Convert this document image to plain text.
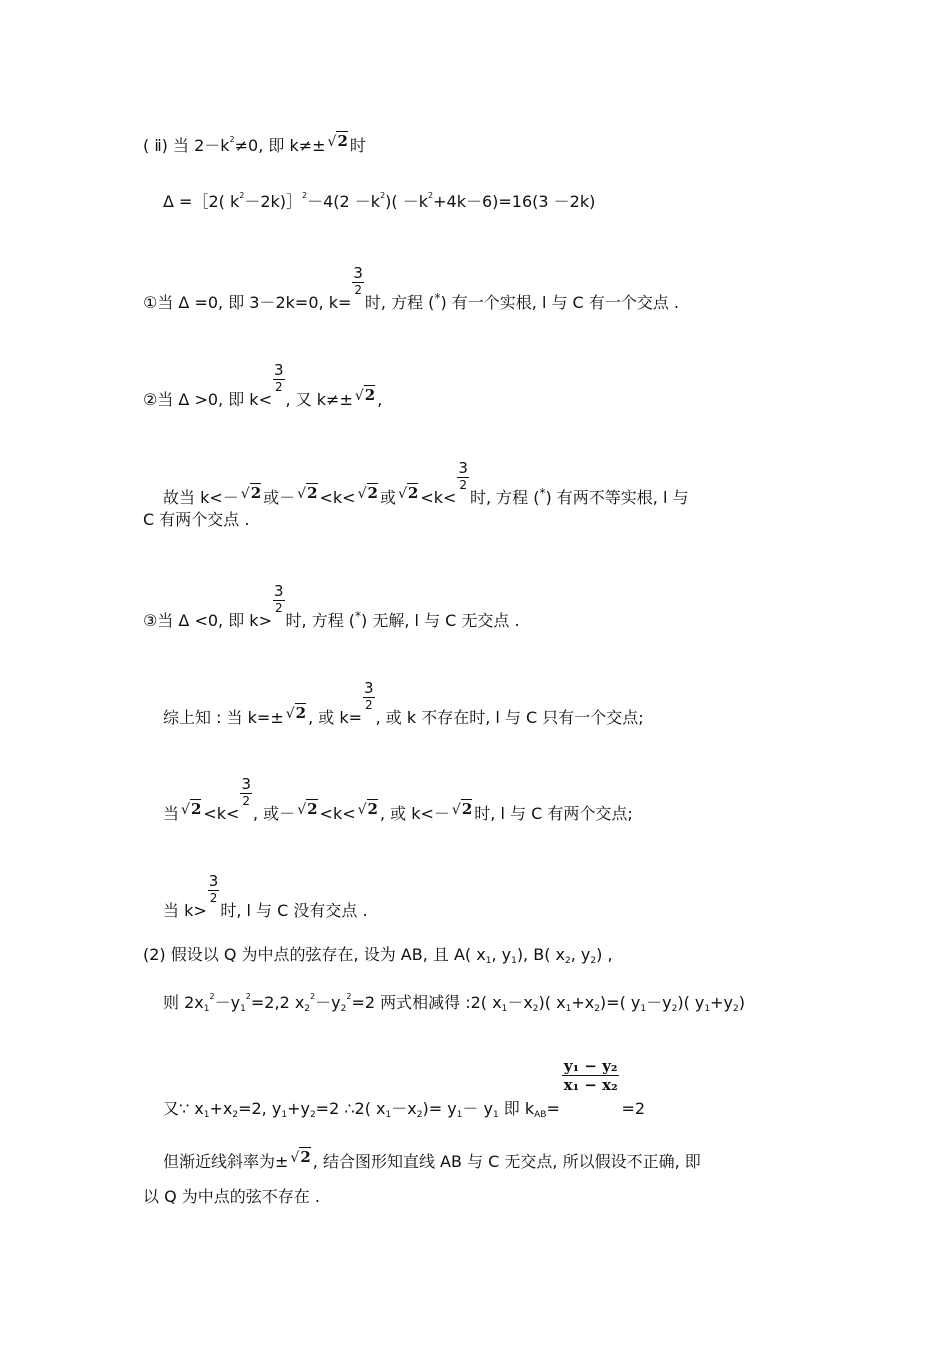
( ⅱ) 当 $2-k^2\ne 0$, 即 k≠± √2 时
Δ =［2( $k^2-2k)]^2-4(2 -k^2)( -k^2+4k-6)=16(3 -2k)$
①当 Δ =0, 即 3－2k=0, k=
$\frac{3}{2}$
时, 方程 (*) 有一个实根, l 与 C 有一个交点 .
②当 Δ >0, 即 k<
$\frac{3}{2}$
, 又 k≠± √2 ,
故当 k<－ √2 或－ √2 <k< √2 或 √2 <k<
$\frac{3}{2}$
时, 方程 (*) 有两不等实根, l 与
C 有两个交点 .
③当 Δ <0, 即 k>
$\frac{3}{2}$
时, 方程 (*) 无解, l 与 C 无交点 .
综上知 : 当 k=± √2 , 或 k=
$\frac{3}{2}$
, 或 k 不存在时, l 与 C 只有一个交点;
当 √2 <k<
$\frac{3}{2}$
, 或－ √2 <k< √2 , 或 k<－ √2 时, l 与 C 有两个交点;
当 k>
$\frac{3}{2}$
时, l 与 C 没有交点 .
(2) 假设以 Q 为中点的弦存在, 设为 AB, 且 A( $x_1$, $y_1$), B( $x_2$, $y_2$) ,
则 $2x_1^2-y_1^2=2,2$ $x_2^2-y_2^2=2$ 两式相减得 :2( $x_1-x_2$)( $x_1+x_2)=$( $y_1-y_2$)( $y_1+y_2$)
又∵ $x_1+x_2=2$, $y_1+y_2=2$ ∴2( $x_1-x_2)= y_1- y_1$ 即 $k_{AB}=$
$\frac{\text{y₁ − y₂}}{\text{x₁ − x₂}}$
=2
但渐近线斜率为± √2 , 结合图形知直线 AB 与 C 无交点, 所以假设不正确, 即
以 Q 为中点的弦不存在 .
